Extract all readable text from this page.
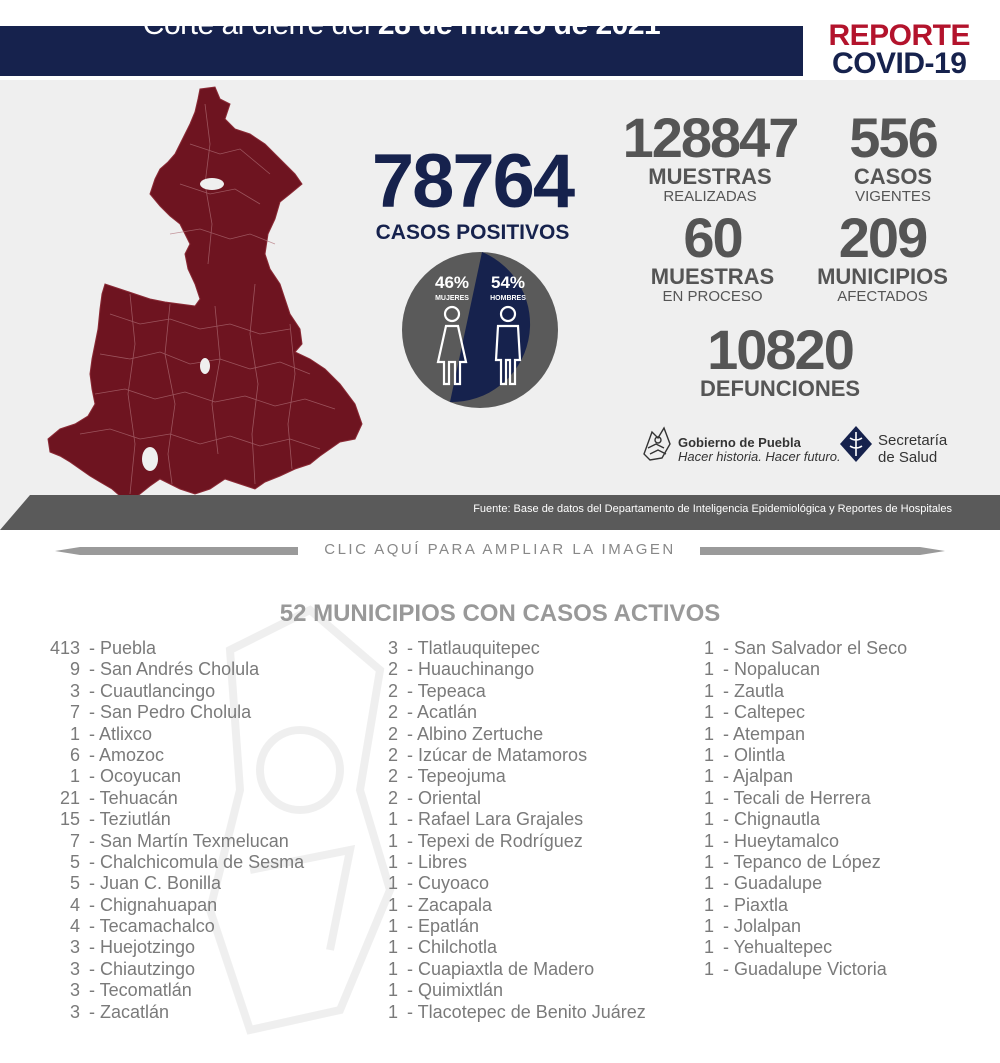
Corte al cierre del 28 de marzo de 2021	REPORTE
COVID-19
78764
CASOS POSITIVOS
46%
MUJERES
54%
HOMBRES
128847
MUESTRAS
REALIZADAS
556
CASOS
VIGENTES
60
MUESTRAS
EN PROCESO
209
MUNICIPIOS
AFECTADOS
10820
DEFUNCIONES
Gobierno de Puebla
Hacer historia. Hacer futuro.
Secretaría
de Salud
Fuente: Base de datos del Departamento de Inteligencia Epidemiológica y Reportes de Hospitales
CLIC AQUÍ PARA AMPLIAR LA IMAGEN
52 MUNICIPIOS CON CASOS ACTIVOS
413 - Puebla
9 - San Andrés Cholula
3 - Cuautlancingo
7 - San Pedro Cholula
1 - Atlixco
6 - Amozoc
1 - Ocoyucan
21 - Tehuacán
15 - Teziutlán
7 - San Martín Texmelucan
5 - Chalchicomula de Sesma
5 - Juan C. Bonilla
4 - Chignahuapan
4 - Tecamachalco
3 - Huejotzingo
3 - Chiautzingo
3 - Tecomatlán
3 - Zacatlán
3 - Tlatlauquitepec
2 - Huauchinango
2 - Tepeaca
2 - Acatlán
2 - Albino Zertuche
2 - Izúcar de Matamoros
2 - Tepeojuma
2 - Oriental
1 - Rafael Lara Grajales
1 - Tepexi de Rodríguez
1 - Libres
1 - Cuyoaco
1 - Zacapala
1 - Epatlán
1 - Chilchotla
1 - Cuapiaxtla de Madero
1 - Quimixtlán
1 - Tlacotepec de Benito Juárez
1 - San Salvador el Seco
1 - Nopalucan
1 - Zautla
1 - Caltepec
1 - Atempan
1 - Olintla
1 - Ajalpan
1 - Tecali de Herrera
1 - Chignautla
1 - Hueytamalco
1 - Tepanco de López
1 - Guadalupe
1 - Piaxtla
1 - Jolalpan
1 - Yehualtepec
1 - Guadalupe Victoria
